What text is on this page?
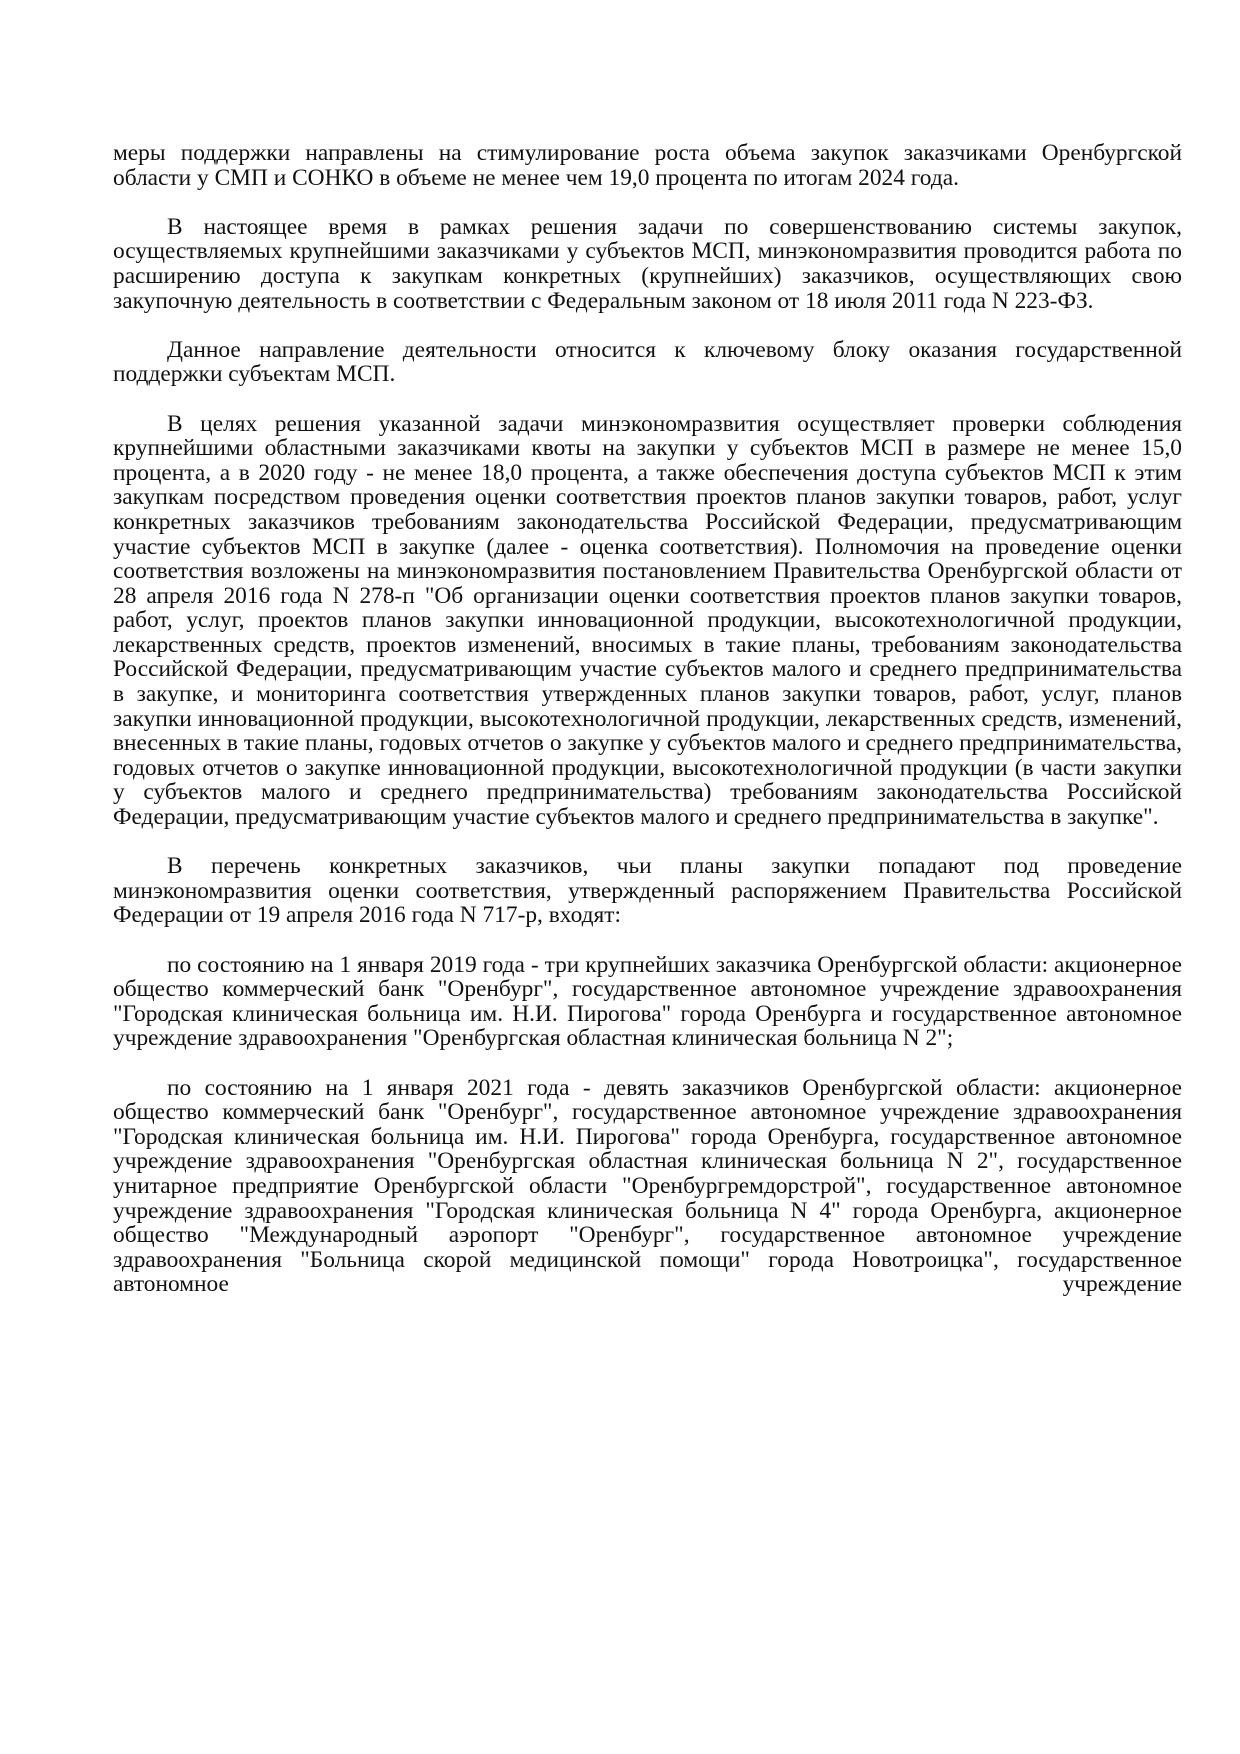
меры поддержки направлены на стимулирование роста объема закупок заказчиками Оренбургской области у СМП и СОНКО в объеме не менее чем 19,0 процента по итогам 2024 года.

В настоящее время в рамках решения задачи по совершенствованию системы закупок, осуществляемых крупнейшими заказчиками у субъектов МСП, минэкономразвития проводится работа по расширению доступа к закупкам конкретных (крупнейших) заказчиков, осуществляющих свою закупочную деятельность в соответствии с Федеральным законом от 18 июля 2011 года N 223-ФЗ.

Данное направление деятельности относится к ключевому блоку оказания государственной поддержки субъектам МСП.

В целях решения указанной задачи минэкономразвития осуществляет проверки соблюдения крупнейшими областными заказчиками квоты на закупки у субъектов МСП в размере не менее 15,0 процента, а в 2020 году - не менее 18,0 процента, а также обеспечения доступа субъектов МСП к этим закупкам посредством проведения оценки соответствия проектов планов закупки товаров, работ, услуг конкретных заказчиков требованиям законодательства Российской Федерации, предусматривающим участие субъектов МСП в закупке (далее - оценка соответствия). Полномочия на проведение оценки соответствия возложены на минэкономразвития постановлением Правительства Оренбургской области от 28 апреля 2016 года N 278-п "Об организации оценки соответствия проектов планов закупки товаров, работ, услуг, проектов планов закупки инновационной продукции, высокотехнологичной продукции, лекарственных средств, проектов изменений, вносимых в такие планы, требованиям законодательства Российской Федерации, предусматривающим участие субъектов малого и среднего предпринимательства в закупке, и мониторинга соответствия утвержденных планов закупки товаров, работ, услуг, планов закупки инновационной продукции, высокотехнологичной продукции, лекарственных средств, изменений, внесенных в такие планы, годовых отчетов о закупке у субъектов малого и среднего предпринимательства, годовых отчетов о закупке инновационной продукции, высокотехнологичной продукции (в части закупки у субъектов малого и среднего предпринимательства) требованиям законодательства Российской Федерации, предусматривающим участие субъектов малого и среднего предпринимательства в закупке".

В перечень конкретных заказчиков, чьи планы закупки попадают под проведение минэкономразвития оценки соответствия, утвержденный распоряжением Правительства Российской Федерации от 19 апреля 2016 года N 717-р, входят:

по состоянию на 1 января 2019 года - три крупнейших заказчика Оренбургской области: акционерное общество коммерческий банк "Оренбург", государственное автономное учреждение здравоохранения "Городская клиническая больница им. Н.И. Пирогова" города Оренбурга и государственное автономное учреждение здравоохранения "Оренбургская областная клиническая больница N 2";

по состоянию на 1 января 2021 года - девять заказчиков Оренбургской области: акционерное общество коммерческий банк "Оренбург", государственное автономное учреждение здравоохранения "Городская клиническая больница им. Н.И. Пирогова" города Оренбурга, государственное автономное учреждение здравоохранения "Оренбургская областная клиническая больница N 2", государственное унитарное предприятие Оренбургской области "Оренбургремдорстрой", государственное автономное учреждение здравоохранения "Городская клиническая больница N 4" города Оренбурга, акционерное общество "Международный аэропорт "Оренбург", государственное автономное учреждение здравоохранения "Больница скорой медицинской помощи" города Новотроицка", государственное автономное учреждение
